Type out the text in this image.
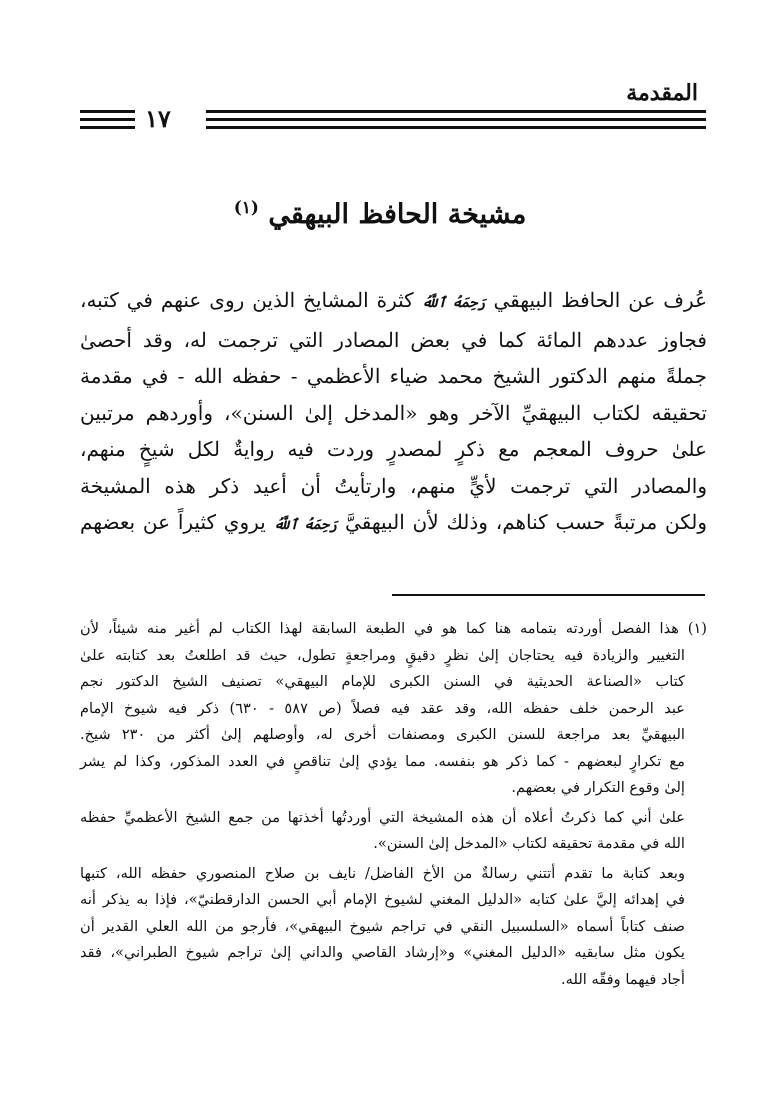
المقدمة
١٧
مشيخة الحافظ البيهقي $^{(١)}$
عُرف عن الحافظ البيهقي رَحِمَهُ ٱللَّهُ كثرة المشايخ الذين روى عنهم في كتبه،
فجاوز عددهم المائة كما في بعض المصادر التي ترجمت له، وقد أحصىٰ
جملةً منهم الدكتور الشيخ محمد ضياء الأعظمي - حفظه الله - في مقدمة
تحقيقه لكتاب البيهقيِّ الآخر وهو «المدخل إلىٰ السنن»، وأوردهم مرتبين
علىٰ حروف المعجم مع ذكرٍ لمصدرٍ وردت فيه روايةٌ لكل شيخٍ منهم،
والمصادر التي ترجمت لأيٍّ منهم، وارتأيتُ أن أعيد ذكر هذه المشيخة
ولكن مرتبةً حسب كناهم، وذلك لأن البيهقيَّ رَحِمَهُ ٱللَّهُ يروي كثيراً عن بعضهم
(١) هذا الفصل أوردته بتمامه هنا كما هو في الطبعة السابقة لهذا الكتاب لم أغير منه شيئاً، لأن
التغيير والزيادة فيه يحتاجان إلىٰ نظرٍ دقيقٍ ومراجعةٍ تطول، حيث قد اطلعتُ بعد كتابته علىٰ
كتاب «الصناعة الحديثية في السنن الكبرى للإمام البيهقي» تصنيف الشيخ الدكتور نجم
عبد الرحمن خلف حفظه الله، وقد عقد فيه فصلاً (ص ٥٨٧ - ٦٣٠) ذكر فيه شيوخ الإمام
البيهقيِّ بعد مراجعة للسنن الكبرى ومصنفات أخرى له، وأوصلهم إلىٰ أكثر من ٢٣٠ شيخ.
مع تكرارٍ لبعضهم - كما ذكر هو بنفسه. مما يؤدي إلىٰ تناقصٍ في العدد المذكور، وكذا لم يشر
إلىٰ وقوع التكرار في بعضهم.
علىٰ أني كما ذكرتُ أعلاه أن هذه المشيخة التي أوردتُها أخذتها من جمع الشيخ الأعظميِّ حفظه
الله في مقدمة تحقيقه لكتاب «المدخل إلىٰ السنن».
وبعد كتابة ما تقدم أتتني رسالةٌ من الأخ الفاضل/ نايف بن صلاح المنصوري حفظه الله، كتبها
في إهدائه إليَّ علىٰ كتابه «الدليل المغني لشيوخ الإمام أبي الحسن الدارقطنيّ»، فإذا به يذكر أنه
صنف كتاباً أسماه «السلسبيل النقي في تراجم شيوخ البيهقي»، فأرجو من الله العلي القدير أن
يكون مثل سابقيه «الدليل المغني» و«إرشاد القاصي والداني إلىٰ تراجم شيوخ الطبراني»، فقد
أجاد فيهما وفقّه الله.
